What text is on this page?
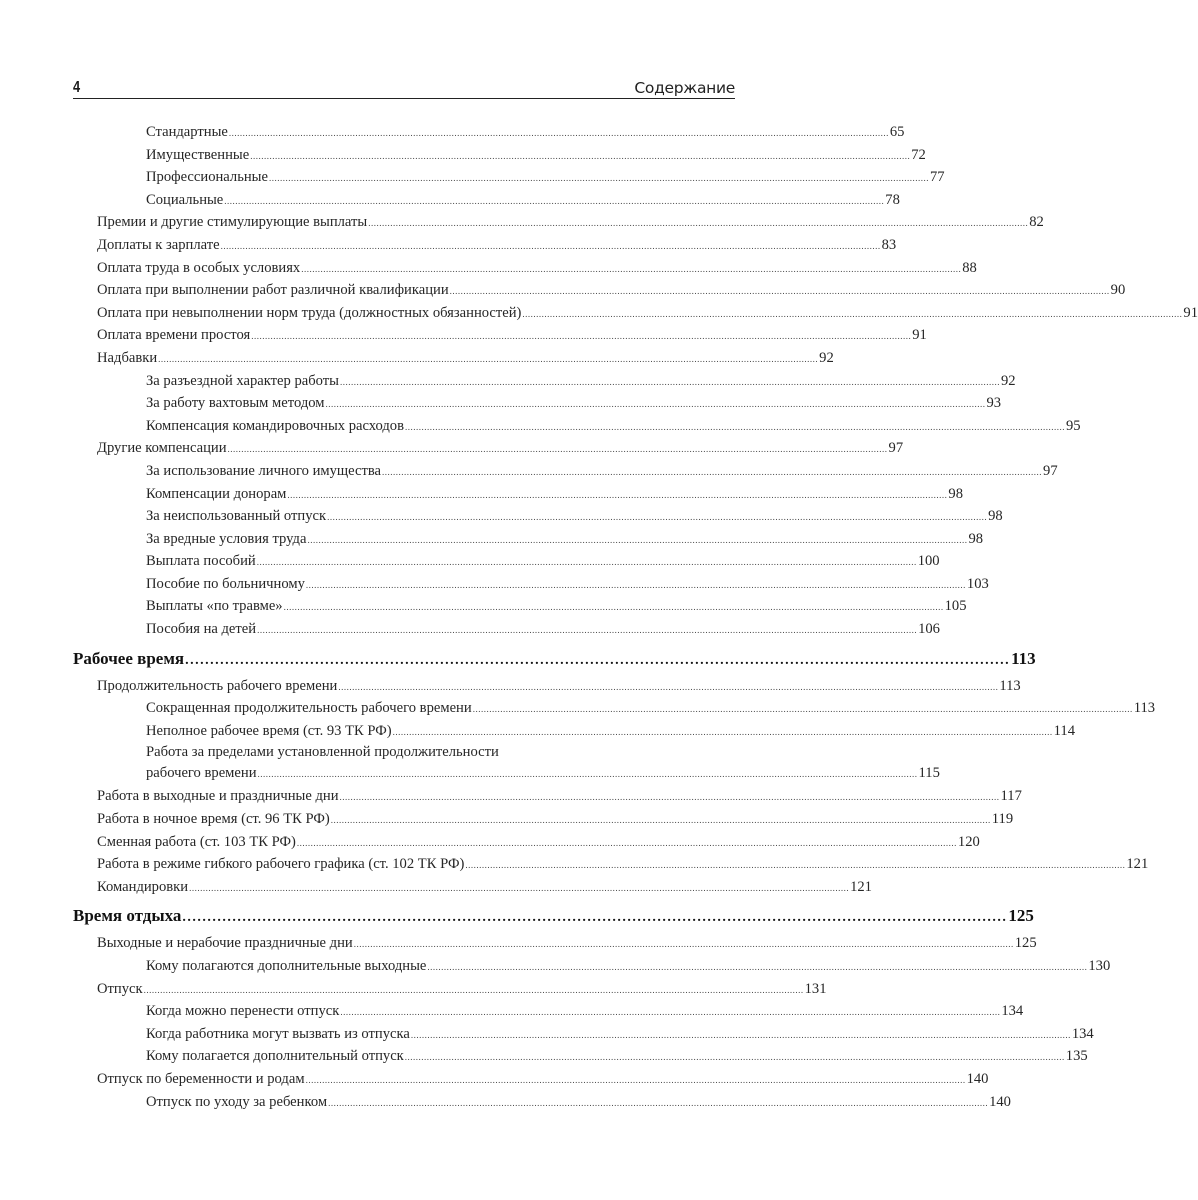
4	Содержание
Стандартные .....	65
Имущественные .....	72
Профессиональные .....	77
Социальные .....	78
Премии и другие стимулирующие выплаты .....	82
Доплаты к зарплате .....	83
Оплата труда в особых условиях .....	88
Оплата при выполнении работ различной квалификации .....	90
Оплата при невыполнении норм труда (должностных обязанностей) .....	91
Оплата времени простоя .....	91
Надбавки .....	92
За разъездной характер работы .....	92
За работу вахтовым методом .....	93
Компенсация командировочных расходов .....	95
Другие компенсации .....	97
За использование личного имущества .....	97
Компенсации донорам .....	98
За неиспользованный отпуск .....	98
За вредные условия труда .....	98
Выплата пособий .....	100
Пособие по больничному .....	103
Выплаты «по травме» .....	105
Пособия на детей .....	106
Рабочее время .....	113
Продолжительность рабочего времени .....	113
Сокращенная продолжительность рабочего времени .....	113
Неполное рабочее время (ст. 93 ТК РФ) .....	114
Работа за пределами установленной продолжительности
рабочего времени .....	115
Работа в выходные и праздничные дни .....	117
Работа в ночное время (ст. 96 ТК РФ) .....	119
Сменная работа (ст. 103 ТК РФ) .....	120
Работа в режиме гибкого рабочего графика (ст. 102 ТК РФ) .....	121
Командировки .....	121
Время отдыха .....	125
Выходные и нерабочие праздничные дни .....	125
Кому полагаются дополнительные выходные .....	130
Отпуск .....	131
Когда можно перенести отпуск .....	134
Когда работника могут вызвать из отпуска .....	134
Кому полагается дополнительный отпуск .....	135
Отпуск по беременности и родам .....	140
Отпуск по уходу за ребенком .....	140
